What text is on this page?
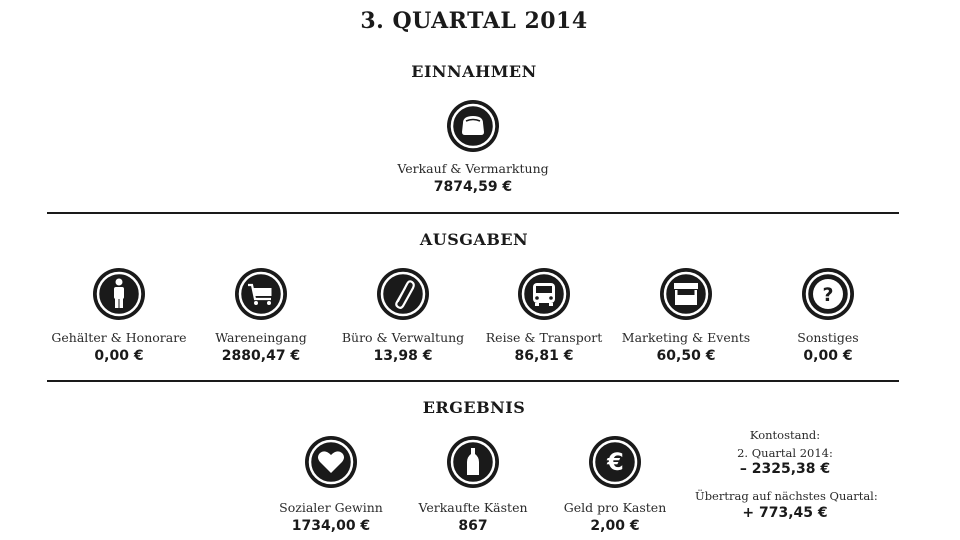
3. QUARTAL 2014
EINNAHMEN
Verkauf & Vermarktung
7874,59 €
AUSGABEN
Gehälter & Honorare
0,00 €
Wareneingang
2880,47 €
Büro & Verwaltung
13,98 €
Reise & Transport
86,81 €
Marketing & Events
60,50 €
?
Sonstiges
0,00 €
ERGEBNIS
Sozialer Gewinn
1734,00 €
Verkaufte Kästen
867
€
Geld pro Kasten
2,00 €
Kontostand:
2. Quartal 2014:
– 2325,38 €
Übertrag auf nächstes Quartal:
+ 773,45 €
